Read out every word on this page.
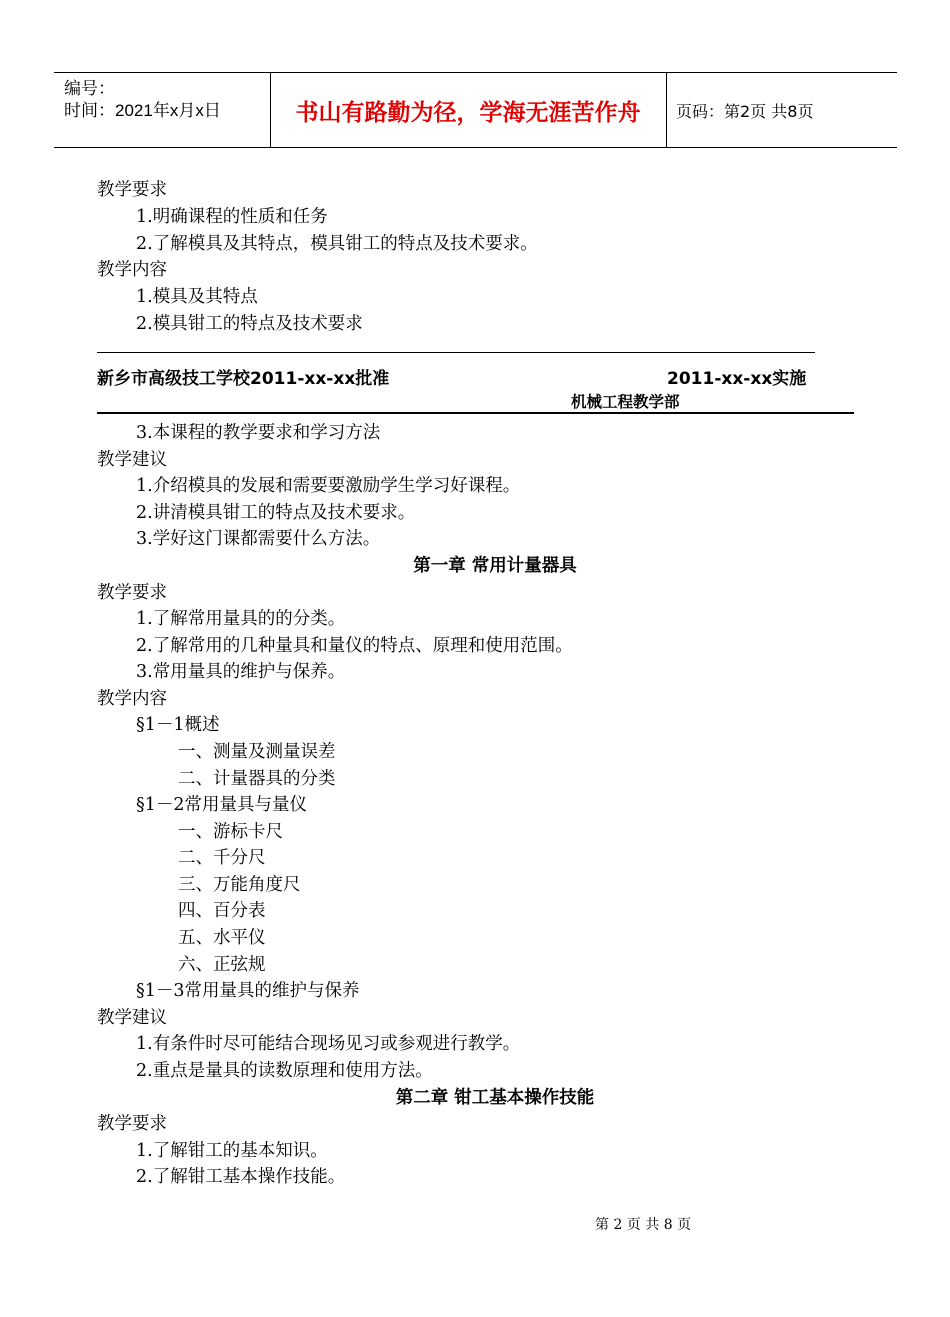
编号：
时间：2021年x月x日	书山有路勤为径，学海无涯苦作舟	页码：第2页 共8页
教学要求
1.明确课程的性质和任务
2.了解模具及其特点，模具钳工的特点及技术要求。
教学内容
1.模具及其特点
2.模具钳工的特点及技术要求
新乡市高级技工学校2011-xx-xx批准	2011-xx-xx实施
机械工程教学部
3.本课程的教学要求和学习方法
教学建议
1.介绍模具的发展和需要要激励学生学习好课程。
2.讲清模具钳工的特点及技术要求。
3.学好这门课都需要什么方法。
第一章 常用计量器具
教学要求
1.了解常用量具的的分类。
2.了解常用的几种量具和量仪的特点、原理和使用范围。
3.常用量具的维护与保养。
教学内容
§1－1概述
一、测量及测量误差
二、计量器具的分类
§1－2常用量具与量仪
一、游标卡尺
二、千分尺
三、万能角度尺
四、百分表
五、水平仪
六、正弦规
§1－3常用量具的维护与保养
教学建议
1.有条件时尽可能结合现场见习或参观进行教学。
2.重点是量具的读数原理和使用方法。
第二章 钳工基本操作技能
教学要求
1.了解钳工的基本知识。
2.了解钳工基本操作技能。
第 2 页 共 8 页
